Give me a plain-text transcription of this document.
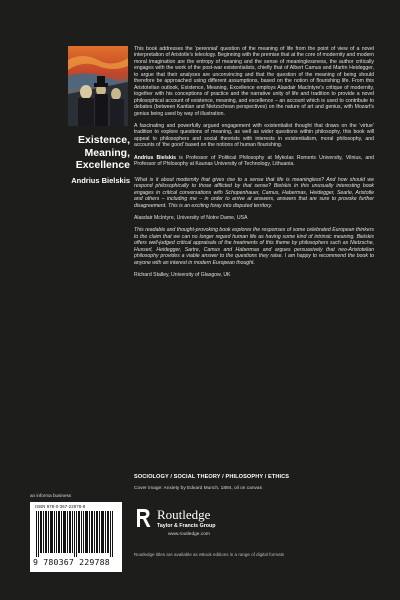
Existence,
Meaning,
Excellence
Andrius Bielskis

This book addresses the ‘perennial’ question of the meaning of life from the point of view of a novel interpretation of Aristotle’s teleology. Beginning with the premise that at the core of modernity and modern moral imagination are the entropy of meaning and the sense of meaninglessness, the author critically engages with the work of the post-war existentialists, chiefly that of Albert Camus and Martin Heidegger, to argue that their analyses are unconvincing and that the question of the meaning of being should therefore be approached using different assumptions, based on the notion of flourishing life. From this Aristotelian outlook, Existence, Meaning, Excellence employs Alasdair MacIntyre’s critique of modernity, together with his conceptions of practice and the narrative unity of life and tradition to provide a novel philosophical account of existence, meaning, and excellence – an account which is used to contribute to debates (between Kantian and Nietzschean perspectives) on the nature of art and genius, with Mozart’s genius being used by way of illustration.

A fascinating and powerfully argued engagement with existentialist thought that draws on the ‘virtue’ tradition to explore questions of meaning, as well as wider questions within philosophy, this book will appeal to philosophers and social theorists with interests in existentialism, moral philosophy, and accounts of ‘the good’ based on the notions of human flourishing.

Andrius Bielskis is Professor of Political Philosophy at Mykolas Romeris University, Vilnius, and Professor of Philosophy at Kaunas University of Technology, Lithuania.

‘What is it about modernity that gives rise to a sense that life is meaningless? And how should we respond philosophically to those afflicted by that sense? Bielskis in this unusually interesting book engages in critical conversations with Schopenhauer, Camus, Habermas, Heidegger, Searle, Aristotle and others – including me – in order to arrive at answers, answers that are sure to provoke further disagreement. This is an exciting foray into disputed territory.

Alasdair McIntyre, University of Notre Dame, USA

This readable and thought-provoking book explores the responses of some celebrated European thinkers to the claim that we can no longer regard human life as having some kind of intrinsic meaning. Bielskis offers well-judged critical appraisals of the treatments of this theme by philosophers such as Nietzsche, Husserl, Heidegger, Sartre, Camus and Habermas and argues persuasively that neo-Aristotelian philosophy provides a viable answer to the questions they raise. I am happy to recommend the book to anyone with an interest in modern European thought.

Richard Stalley, University of Glasgow, UK

SOCIOLOGY / SOCIAL THEORY / PHILOSOPHY / ETHICS
Cover image: Anxiety by Edvard Munch, 1894, oil on canvas
an informa business
ISBN 978-0-367-22978-8
9 780367 229788
Routledge
Taylor & Francis Group
www.routledge.com
Routledge titles are available as eBook editions in a range of digital formats
